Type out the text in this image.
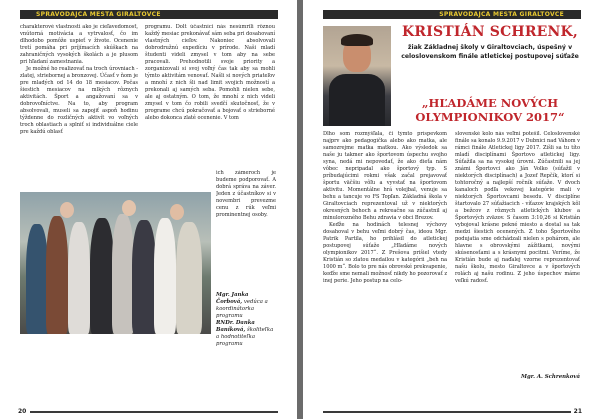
SPRAVODAJCA MESTA GIRALTOVCE

charakterové vlastnosti ako je cieľavedomosť, vnútorná motivácia a vytrvalosť, čo im dlhodobo pomôže uspieť v živote. Ocenenie tretí pomáha pri príjímacích skúškach na zahraničných vysokých školách a je plusom pri hľadaní zamestnania.

Je možné ho realizovať na troch úrovniach - zlatej, striebornej a bronzovej. Účasť v ňom je pre mladých od 14 do 18 mesiacov. Počas šiestich mesiacov na mlkých rôznych aktivitách. Šport a angažovaní sa v dobrovoľníctve. Na to, aby program absolvovali, museli sa zapojiť aspoň hodinu týždenne do rozličných aktivít vo voľných troch oblastiach a splniť si individuálne ciele pre každú oblasť

programu. Dolt účastníci nás nesúmrili rôznou každý mesiac prekonávať sám seba pri dosahovaní vlastných cieľov. Nakoniec absolvovali dobrodružnú expedíciu v prírode. Naši mladí študenti videli zmysel v tom aby na sebe pracovali. Prehodnotili svoje priority a zorganizovali si svoj voľný čas tak aby sa mohli týmto aktivitám venovať. Našli si nových priateľov a mnohí z nich šli nad limit svojich možností a prekonali aj samých seba. Pomohli nielen sebe, ale aj ostatným. O tom, že mnohí z nich videli zmysel v tom čo robili svedčí skutočnosť, že v programe chcú pokračovať a bojovať o strieborné alebo dokonca zlaté ocenenie. V tom

ich zámeroch je budeme podporovať. A dobrá správa na záver. Jeden z účastníkov si v novembri prevezme cenu z rúk veľmi prominentnej osoby.

Mgr. Janka Čorbová, vedúca a koordinátorka programu
RNDr. Danka Baníková, školiteľka a hodnotiteľka programu
20
SPRAVODAJCA MESTA GIRALTOVCE
KRISTIÁN SCHRENK,
žiak Základnej školy v Giraltovciach, úspešný v celoslovenskom finále atletickej postupovej súťaže
„HĽADÁME NOVÝCH OLYMPIONIKOV 2017“

Dlho som rozmýšľala, či týmto príspevkom najprv ako pedagogička alebo ako matka, ale samozrejme matka matkou. Ako výsledok sa naše ju takmer ako športovom úspechu svojho syna, nedá mi nepovedať, že ako dieťa nám vôbec nepripadal ako športový typ. S príbudajúcimi rokmi však začal prejavovať športu väčšiu vôľu a vyvstať na športovom aktivitu. Momentálne hrá volejbal, venuje sa behu a tancuje vo FS Topľan. Základná škola v Giraltovciach reprezentoval už v niektorých okresných behoch a rekreačne sa zúčastnil aj minulorozného Behu zdravia v obci Brezov.

Keďže na hodinách telesnej výchovy dosahoval v behu veľmi dobrý čas, ideou Mgr. Patrik Partila, ho prihlásil do atletickej postupovej súťaže „Hľadáme nových olympionikov 2017“. Z Prešova prišiel vtedy Kristián so zlatou medailou v kategórii „beh na 1000 m“. Bolo to pre nás obrovské prekvapenie, keďže sme nemali možnosť nikdy ho pozorovať z inej perie. Jeho postup na celo-

slovenské kolo nás veľmi potešil. Celoslovenské finále sa konalo 9.9.2017 v Dubnici nad Váhom v rámci finále Atletickej ligy 2017. Zišli sa tu títo mladí disciplínami Športovo atletickej ligy. Súťažila sa na vysokej úrovni. Zúčastnili sa jej známi Športovci ako Ján Volko (súťažil v niektorých disciplínach) a Jozef Repčík, ktorí si tohtoročný a najlepší ročník súťaže. V dvoch kanaloch podľa vekovej kategórie mali v niektorých Športovcami besedu. V disciplíne štartovalo 27 súťažiacich - víťazov krajských kôl a bežcov z rôznych atletických klubov a Športových zväzov. S časom 3:10,26 si Kristián vybojoval krásne pekné miesto a dostal sa tak medzi šiestich ocenených. Z toho Športového podujatia sme odchádzali nielen s pohárom, ale hlavne s obrovskými zážitkami, novými skúsenosťami a s krásnymi pocitmi. Veríme, že Kristián bude aj naďalej vzorne reprezentovať našu školu, mesto Giraltovce a v športových rolách aj našu rodinu. Z jeho úspechov máme veľkú radosť.

Mgr. A. Schrenková
21
